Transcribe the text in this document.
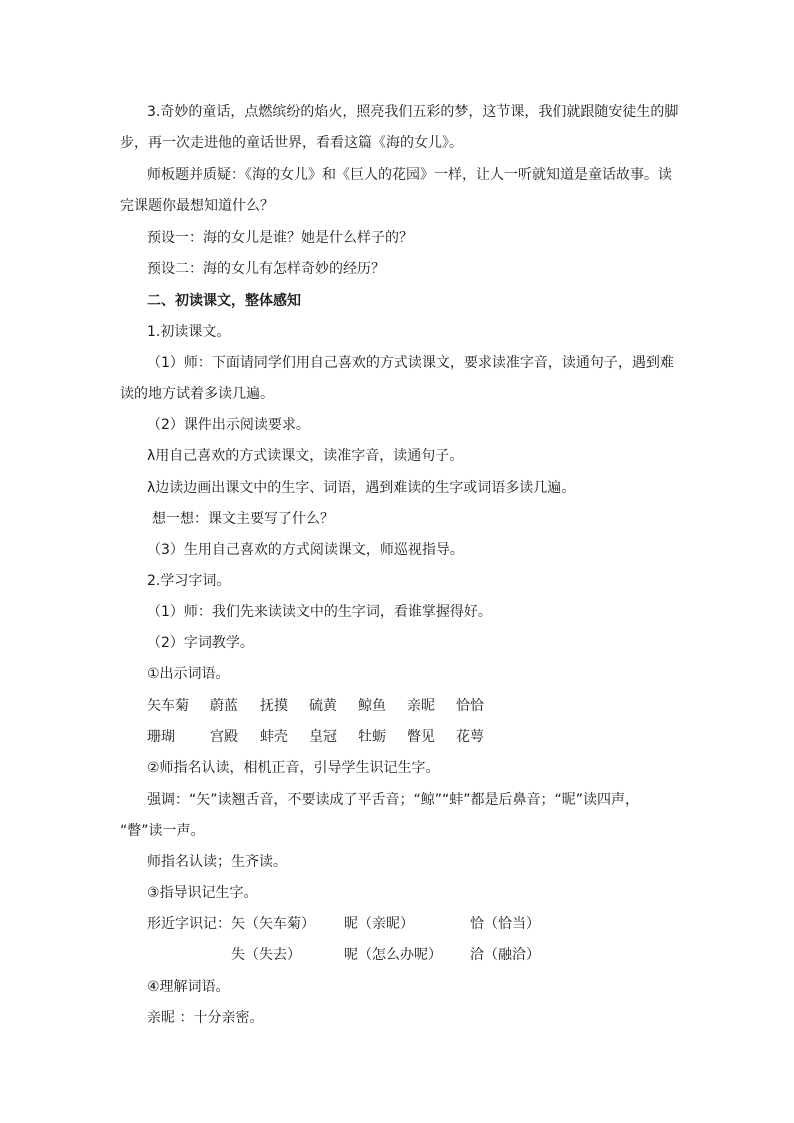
3.奇妙的童话，点燃缤纷的焰火，照亮我们五彩的梦，这节课，我们就跟随安徒生的脚
步，再一次走进他的童话世界，看看这篇《海的女儿》。
师板题并质疑：《海的女儿》和《巨人的花园》一样，让人一听就知道是童话故事。读
完课题你最想知道什么？
预设一：海的女儿是谁？她是什么样子的？
预设二：海的女儿有怎样奇妙的经历？
二、初读课文，整体感知
1.初读课文。
（1）师：下面请同学们用自己喜欢的方式读课文，要求读准字音，读通句子，遇到难
读的地方试着多读几遍。
（2）课件出示阅读要求。
λ用自己喜欢的方式读课文，读准字音，读通句子。
λ边读边画出课文中的生字、词语，遇到难读的生字或词语多读几遍。
想一想：课文主要写了什么？
（3）生用自己喜欢的方式阅读课文，师巡视指导。
2.学习字词。
（1）师：我们先来读读文中的生字词，看谁掌握得好。
（2）字词教学。
①出示词语。
矢车菊 蔚蓝 抚摸 硫黄 鲸鱼 亲昵 恰恰
珊瑚	宫殿 蚌壳 皇冠 牡蛎 瞥见 花萼
②师指名认读，相机正音，引导学生识记生字。
强调：“矢”读翘舌音，不要读成了平舌音；“鲸”“蚌”都是后鼻音；“昵”读四声，
“瞥”读一声。
师指名认读；生齐读。
③指导识记生字。
形近字识记： 矢（矢车菊） 昵（亲昵）	恰（恰当）
失（失去）	呢（怎么办呢） 洽（融洽）
④理解词语。
亲昵 ：十分亲密。
